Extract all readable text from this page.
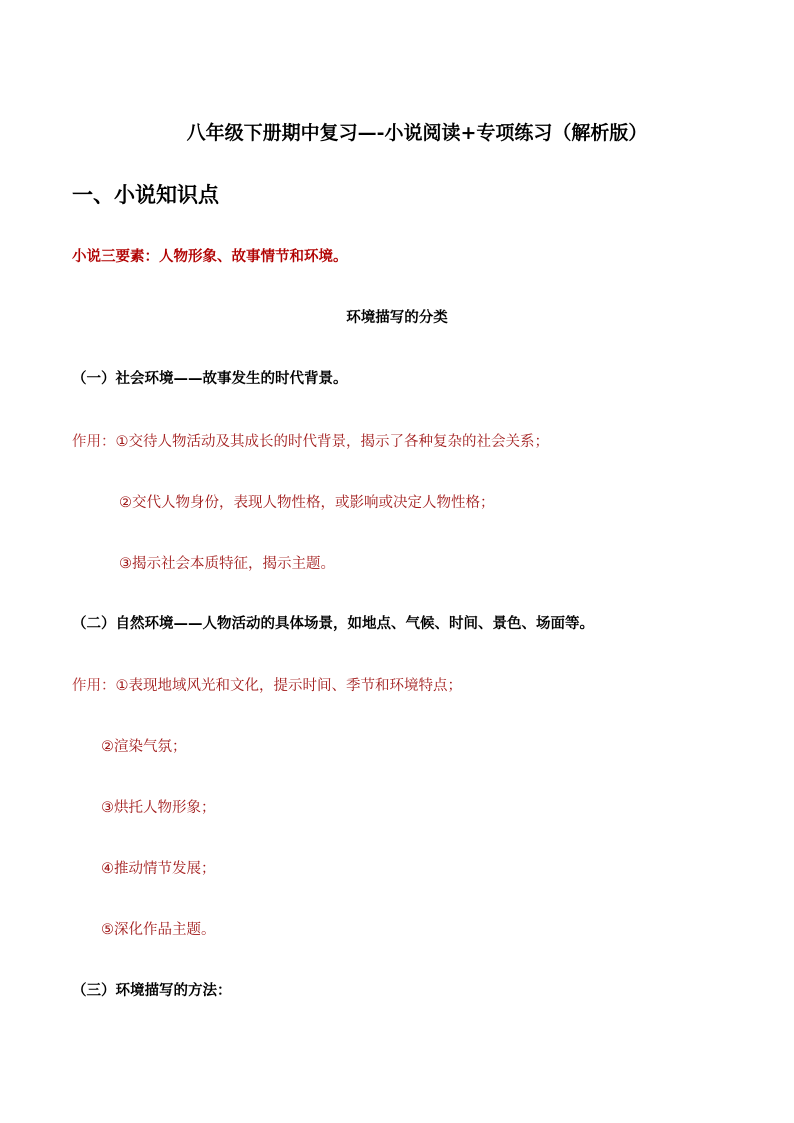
八年级下册期中复习—-小说阅读+专项练习（解析版）
一、小说知识点
小说三要素：人物形象、故事情节和环境。
环境描写的分类
（一）社会环境——故事发生的时代背景。
作用：①交待人物活动及其成长的时代背景，揭示了各种复杂的社会关系；
②交代人物身份，表现人物性格，或影响或决定人物性格；
③揭示社会本质特征，揭示主题。
（二）自然环境——人物活动的具体场景，如地点、气候、时间、景色、场面等。
作用：①表现地域风光和文化，提示时间、季节和环境特点；
②渲染气氛；
③烘托人物形象；
④推动情节发展；
⑤深化作品主题。
（三）环境描写的方法：
